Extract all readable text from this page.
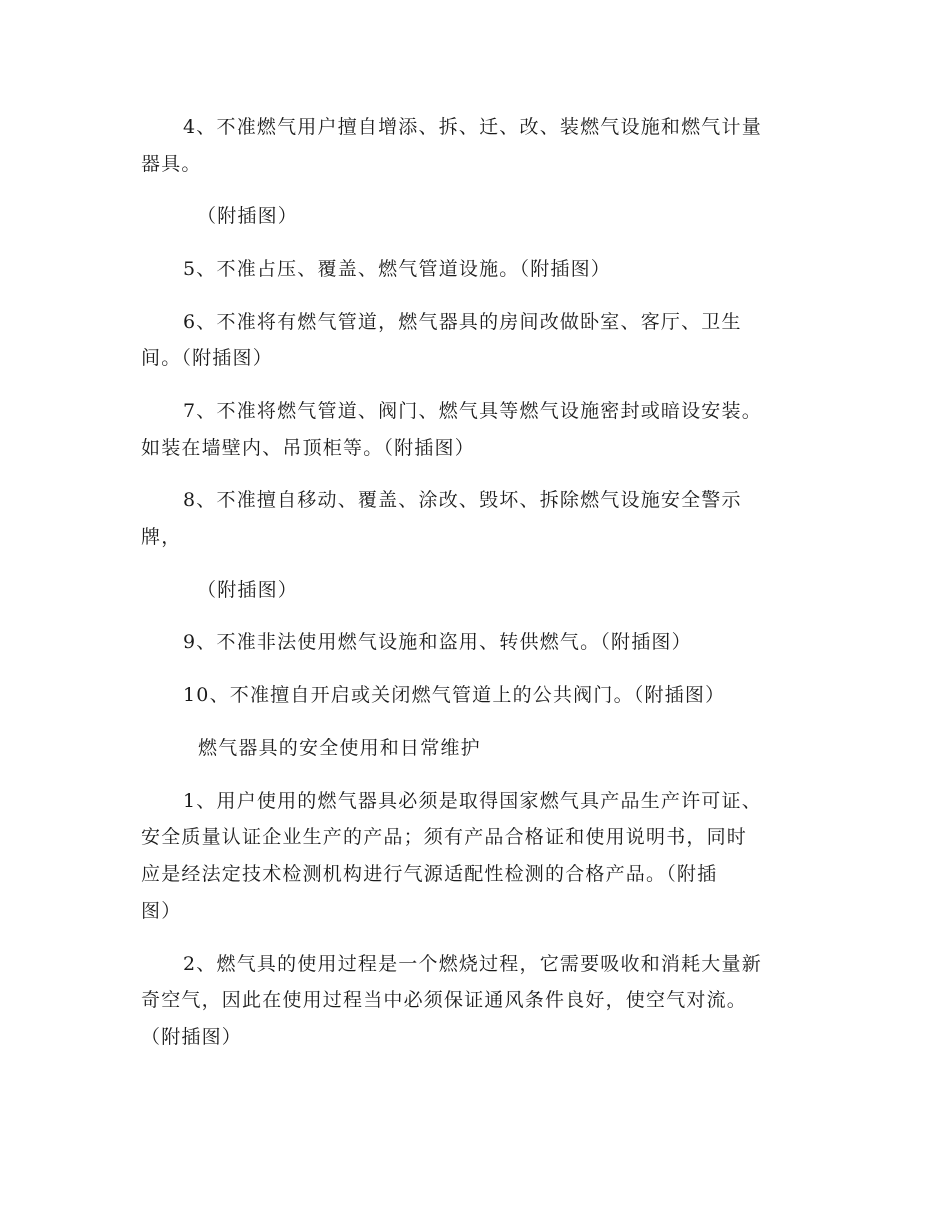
4、不准燃气用户擅自增添、拆、迁、改、装燃气设施和燃气计量
器具。
（附插图）
5、不准占压、覆盖、燃气管道设施。（附插图）
6、不准将有燃气管道，燃气器具的房间改做卧室、客厅、卫生
间。（附插图）
7、不准将燃气管道、阀门、燃气具等燃气设施密封或暗设安装。
如装在墙壁内、吊顶柜等。（附插图）
8、不准擅自移动、覆盖、涂改、毁坏、拆除燃气设施安全警示
牌，
（附插图）
9、不准非法使用燃气设施和盗用、转供燃气。（附插图）
10、不准擅自开启或关闭燃气管道上的公共阀门。（附插图）
燃气器具的安全使用和日常维护
1、用户使用的燃气器具必须是取得国家燃气具产品生产许可证、
安全质量认证企业生产的产品；须有产品合格证和使用说明书，同时
应是经法定技术检测机构进行气源适配性检测的合格产品。（附插
图）
2、燃气具的使用过程是一个燃烧过程，它需要吸收和消耗大量新
奇空气，因此在使用过程当中必须保证通风条件良好，使空气对流。
（附插图）
